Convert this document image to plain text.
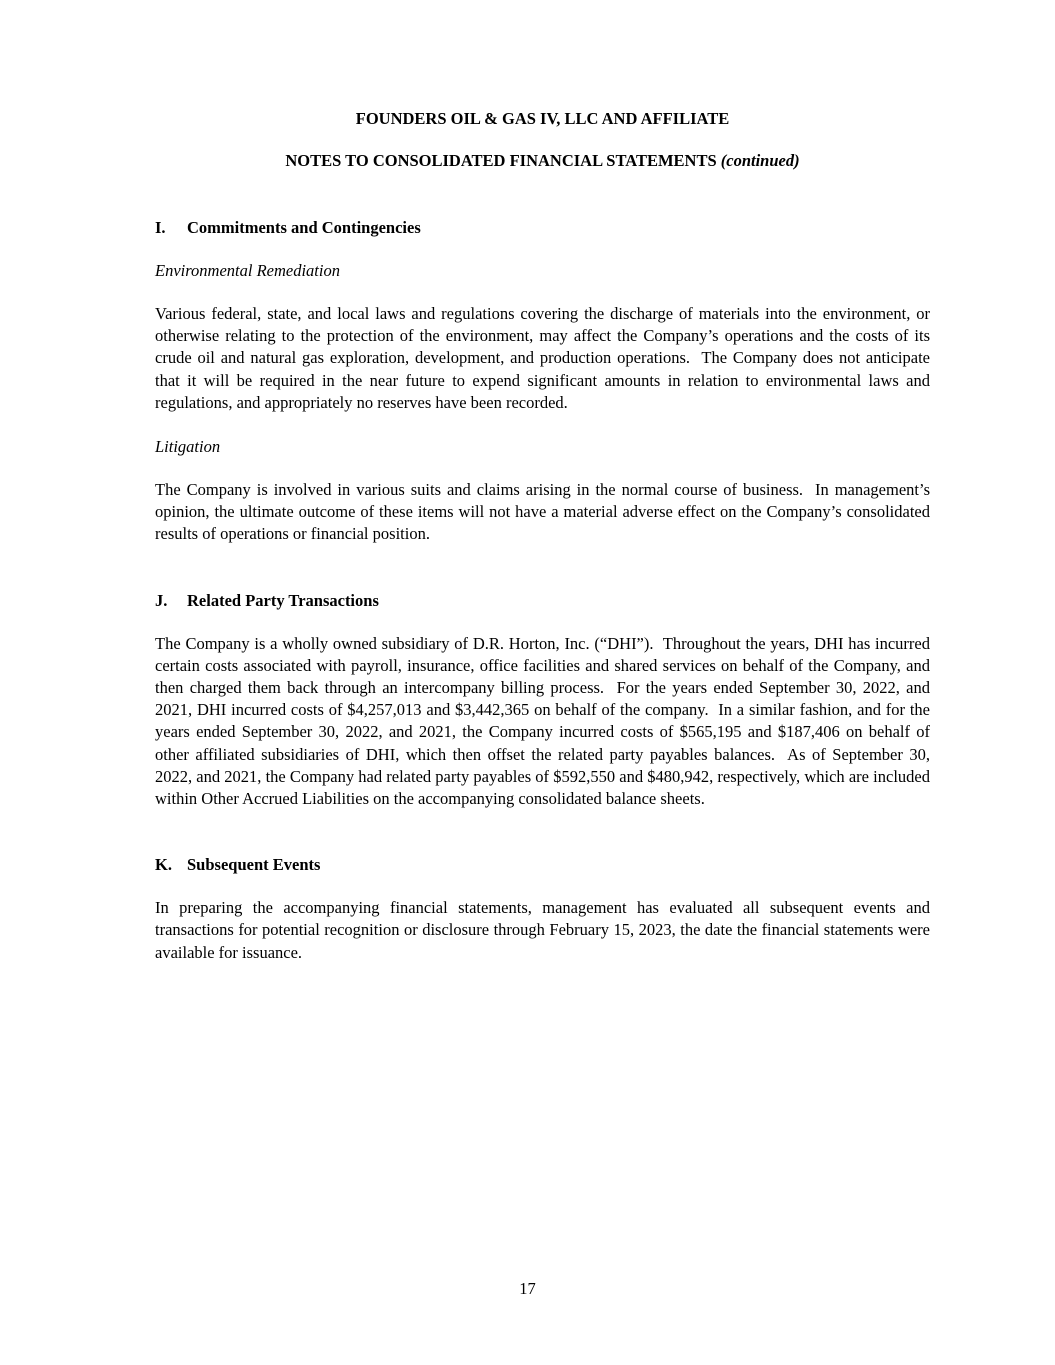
FOUNDERS OIL & GAS IV, LLC AND AFFILIATE
NOTES TO CONSOLIDATED FINANCIAL STATEMENTS (continued)
I. Commitments and Contingencies
Environmental Remediation

Various federal, state, and local laws and regulations covering the discharge of materials into the environment, or otherwise relating to the protection of the environment, may affect the Company’s operations and the costs of its crude oil and natural gas exploration, development, and production operations.  The Company does not anticipate that it will be required in the near future to expend significant amounts in relation to environmental laws and regulations, and appropriately no reserves have been recorded.

Litigation

The Company is involved in various suits and claims arising in the normal course of business.  In management’s opinion, the ultimate outcome of these items will not have a material adverse effect on the Company’s consolidated results of operations or financial position.

J. Related Party Transactions

The Company is a wholly owned subsidiary of D.R. Horton, Inc. (“DHI”).  Throughout the years, DHI has incurred certain costs associated with payroll, insurance, office facilities and shared services on behalf of the Company, and then charged them back through an intercompany billing process.  For the years ended September 30, 2022, and 2021, DHI incurred costs of $4,257,013 and $3,442,365 on behalf of the company.  In a similar fashion, and for the years ended September 30, 2022, and 2021, the Company incurred costs of $565,195 and $187,406 on behalf of other affiliated subsidiaries of DHI, which then offset the related party payables balances.  As of September 30, 2022, and 2021, the Company had related party payables of $592,550 and $480,942, respectively, which are included within Other Accrued Liabilities on the accompanying consolidated balance sheets.

K. Subsequent Events

In preparing the accompanying financial statements, management has evaluated all subsequent events and transactions for potential recognition or disclosure through February 15, 2023, the date the financial statements were available for issuance.

17
